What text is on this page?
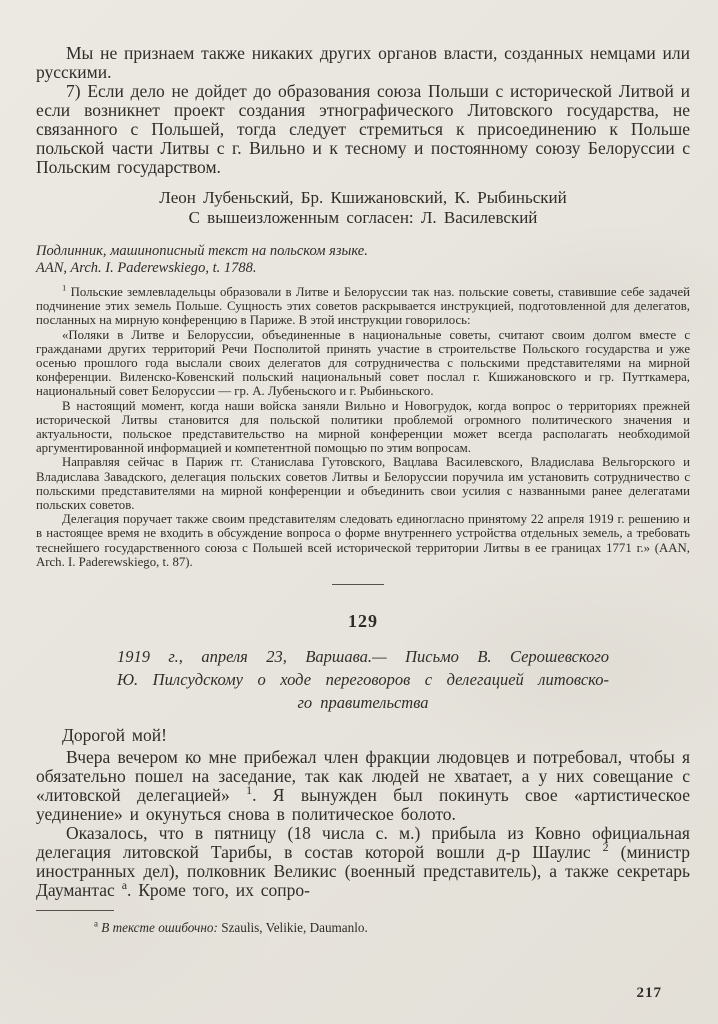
Мы не признаем также никаких других органов власти, созданных немцами или русскими.

7) Если дело не дойдет до образования союза Польши с исторической Литвой и если возникнет проект создания этнографического Литовского государства, не связанного с Польшей, тогда следует стремиться к присоединению к Польше польской части Литвы с г. Вильно и к тесному и постоянному союзу Белоруссии с Польским государством.

Леон Лубеньский, Бр. Кшижановский, К. Рыбиньский
С вышеизложенным согласен: Л. Василевский
Подлинник, машинописный текст на польском языке.
AAN, Arch. I. Paderewskiego, t. 1788.

$^1$ Польские землевладельцы образовали в Литве и Белоруссии так наз. польские советы, ставившие себе задачей подчинение этих земель Польше. Сущность этих советов раскрывается инструкцией, подготовленной для делегатов, посланных на мирную конференцию в Париже. В этой инструкции говорилось:

«Поляки в Литве и Белоруссии, объединенные в национальные советы, считают своим долгом вместе с гражданами других территорий Речи Посполитой принять участие в строительстве Польского государства и уже осенью прошлого года выслали своих делегатов для сотрудничества с польскими представителями на мирной конференции. Виленско-Ковенский польский национальный совет послал г. Кшижановского и гр. Путткамера, национальный совет Белоруссии — гр. А. Лубеньского и г. Рыбиньского.

В настоящий момент, когда наши войска заняли Вильно и Новогрудок, когда вопрос о территориях прежней исторической Литвы становится для польской политики проблемой огромного политического значения и актуальности, польское представительство на мирной конференции может всегда располагать необходимой аргументированной информацией и компетентной помощью по этим вопросам.

Направляя сейчас в Париж гг. Станислава Гутовского, Вацлава Василевского, Владислава Вельгорского и Владислава Завадского, делегация польских советов Литвы и Белоруссии поручила им установить сотрудничество с польскими представителями на мирной конференции и объединить свои усилия с названными ранее делегатами польских советов.

Делегация поручает также своим представителям следовать единогласно принятому 22 апреля 1919 г. решению и в настоящее время не входить в обсуждение вопроса о форме внутреннего устройства отдельных земель, а требовать теснейшего государственного союза с Польшей всей исторической территории Литвы в ее границах 1771 г.» (AAN, Arch. I. Paderewskiego, t. 87).

129
1919 г., апреля 23, Варшава.— Письмо В. Серошевского
Ю. Пилсудскому о ходе переговоров с делегацией литовско-
го правительства

Дорогой мой!

Вчера вечером ко мне прибежал член фракции людовцев и потребовал, чтобы я обязательно пошел на заседание, так как людей не хватает, а у них совещание с «литовской делегацией» $^1$. Я вынужден был покинуть свое «артистическое уединение» и окунуться снова в политическое болото.

Оказалось, что в пятницу (18 числа с. м.) прибыла из Ковно официальная делегация литовской Тарибы, в состав которой вошли д-р Шаулис $^2$ (министр иностранных дел), полковник Великис (военный представитель), а также секретарь Даумантас $^а$. Кроме того, их сопро-

$^а$ В тексте ошибочно: Szaulis, Velikie, Daumanlo.
217
